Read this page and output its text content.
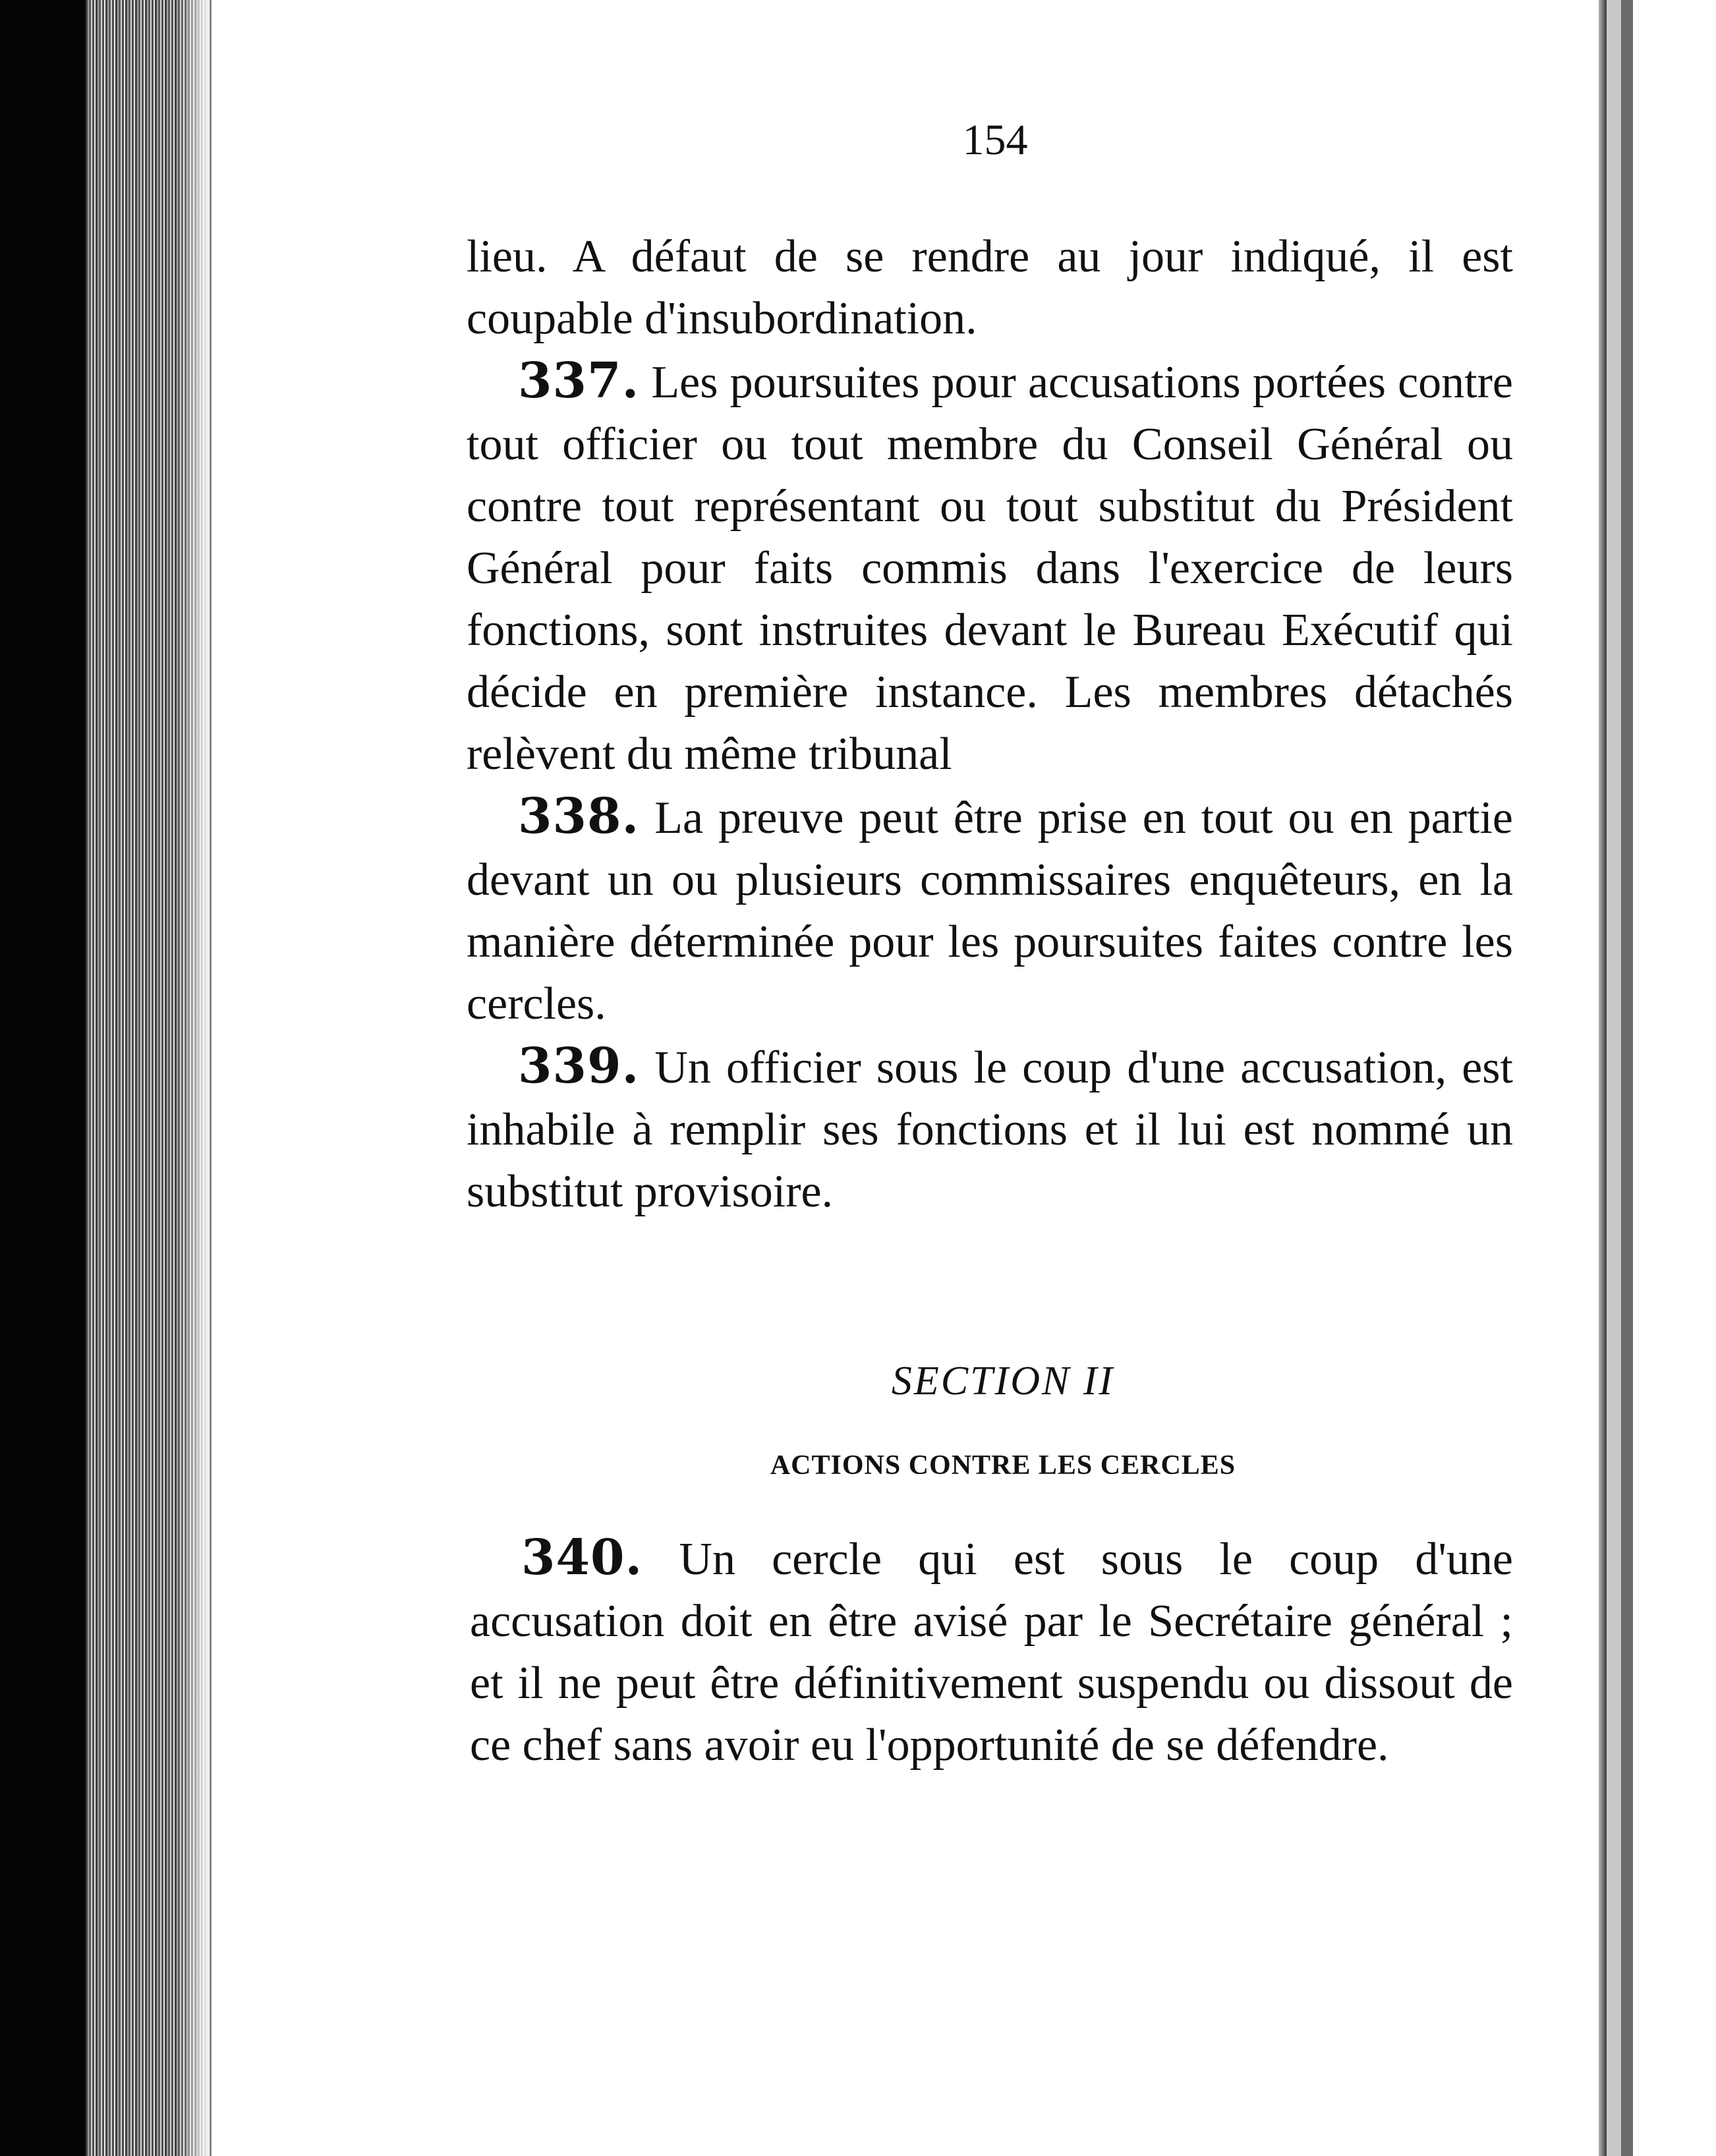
154

lieu. A défaut de se rendre au jour indiqué, il est coupable d'insubordination.

337. Les poursuites pour accusations portées contre tout officier ou tout membre du Conseil Général ou contre tout représentant ou tout substitut du Président Général pour faits commis dans l'exercice de leurs fonctions, sont instruites devant le Bureau Exécutif qui décide en première instance. Les membres détachés relèvent du même tribunal

338. La preuve peut être prise en tout ou en partie devant un ou plusieurs commissaires enquêteurs, en la manière déterminée pour les poursuites faites contre les cercles.

339. Un officier sous le coup d'une accusation, est inhabile à remplir ses fonctions et il lui est nommé un substitut provisoire.

SECTION II
ACTIONS CONTRE LES CERCLES

340. Un cercle qui est sous le coup d'une accusation doit en être avisé par le Secrétaire général ; et il ne peut être définitivement suspendu ou dissout de ce chef sans avoir eu l'opportunité de se défendre.
